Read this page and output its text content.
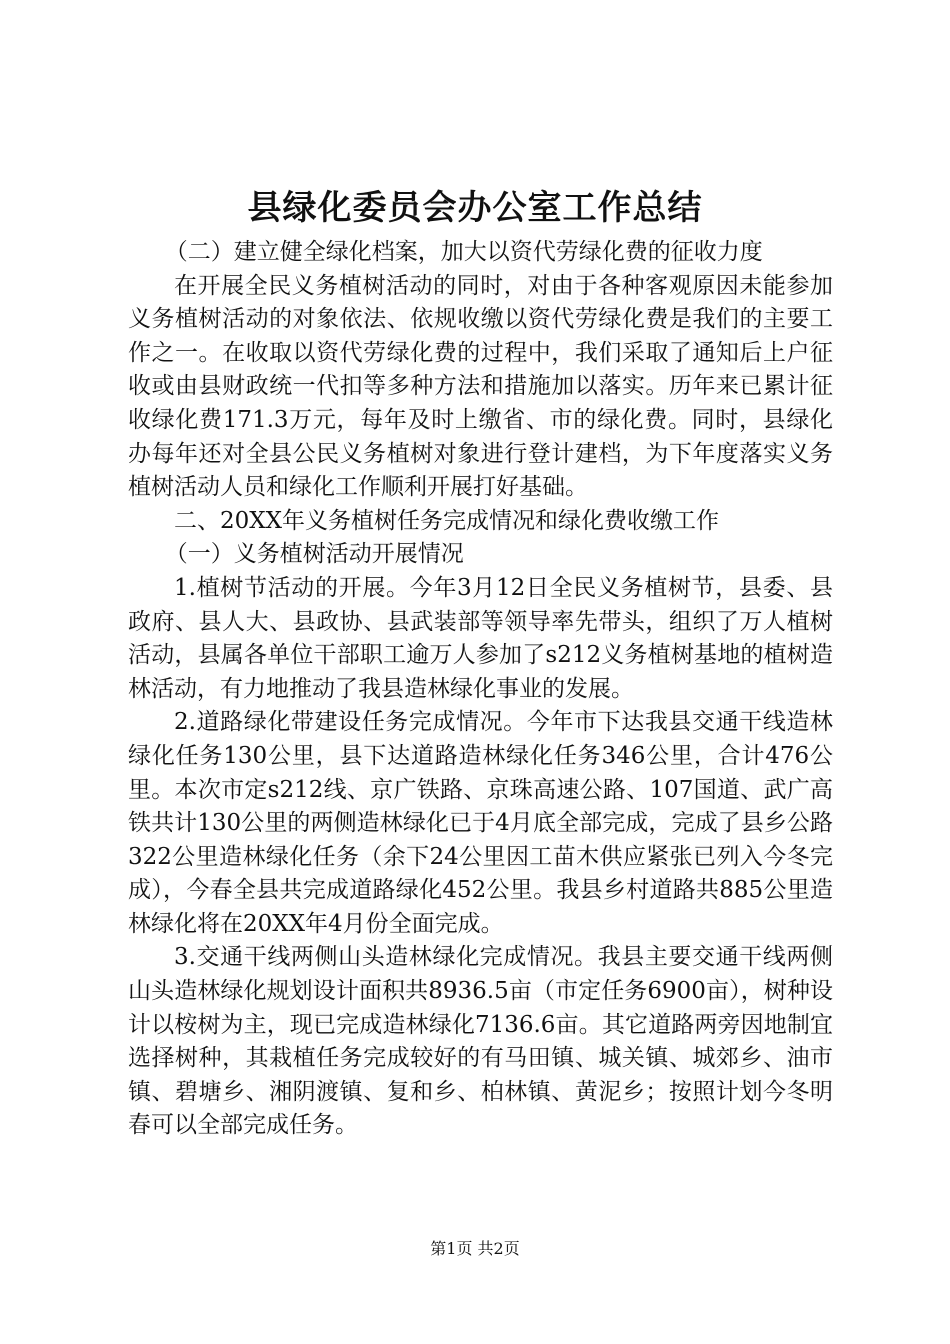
县绿化委员会办公室工作总结

（二）建立健全绿化档案，加大以资代劳绿化费的征收力度

在开展全民义务植树活动的同时，对由于各种客观原因未能参加义务植树活动的对象依法、依规收缴以资代劳绿化费是我们的主要工作之一。在收取以资代劳绿化费的过程中，我们采取了通知后上户征收或由县财政统一代扣等多种方法和措施加以落实。历年来已累计征收绿化费171.3万元，每年及时上缴省、市的绿化费。同时，县绿化办每年还对全县公民义务植树对象进行登计建档，为下年度落实义务植树活动人员和绿化工作顺利开展打好基础。

二、20XX年义务植树任务完成情况和绿化费收缴工作

（一）义务植树活动开展情况

1.植树节活动的开展。今年3月12日全民义务植树节，县委、县政府、县人大、县政协、县武装部等领导率先带头，组织了万人植树活动，县属各单位干部职工逾万人参加了s212义务植树基地的植树造林活动，有力地推动了我县造林绿化事业的发展。

2.道路绿化带建设任务完成情况。今年市下达我县交通干线造林绿化任务130公里，县下达道路造林绿化任务346公里，合计476公里。本次市定s212线、京广铁路、京珠高速公路、107国道、武广高铁共计130公里的两侧造林绿化已于4月底全部完成，完成了县乡公路322公里造林绿化任务（余下24公里因工苗木供应紧张已列入今冬完成），今春全县共完成道路绿化452公里。我县乡村道路共885公里造林绿化将在20XX年4月份全面完成。

3.交通干线两侧山头造林绿化完成情况。我县主要交通干线两侧山头造林绿化规划设计面积共8936.5亩（市定任务6900亩），树种设计以桉树为主，现已完成造林绿化7136.6亩。其它道路两旁因地制宜选择树种，其栽植任务完成较好的有马田镇、城关镇、城郊乡、油市镇、碧塘乡、湘阴渡镇、复和乡、柏林镇、黄泥乡；按照计划今冬明春可以全部完成任务。

第1页 共2页
